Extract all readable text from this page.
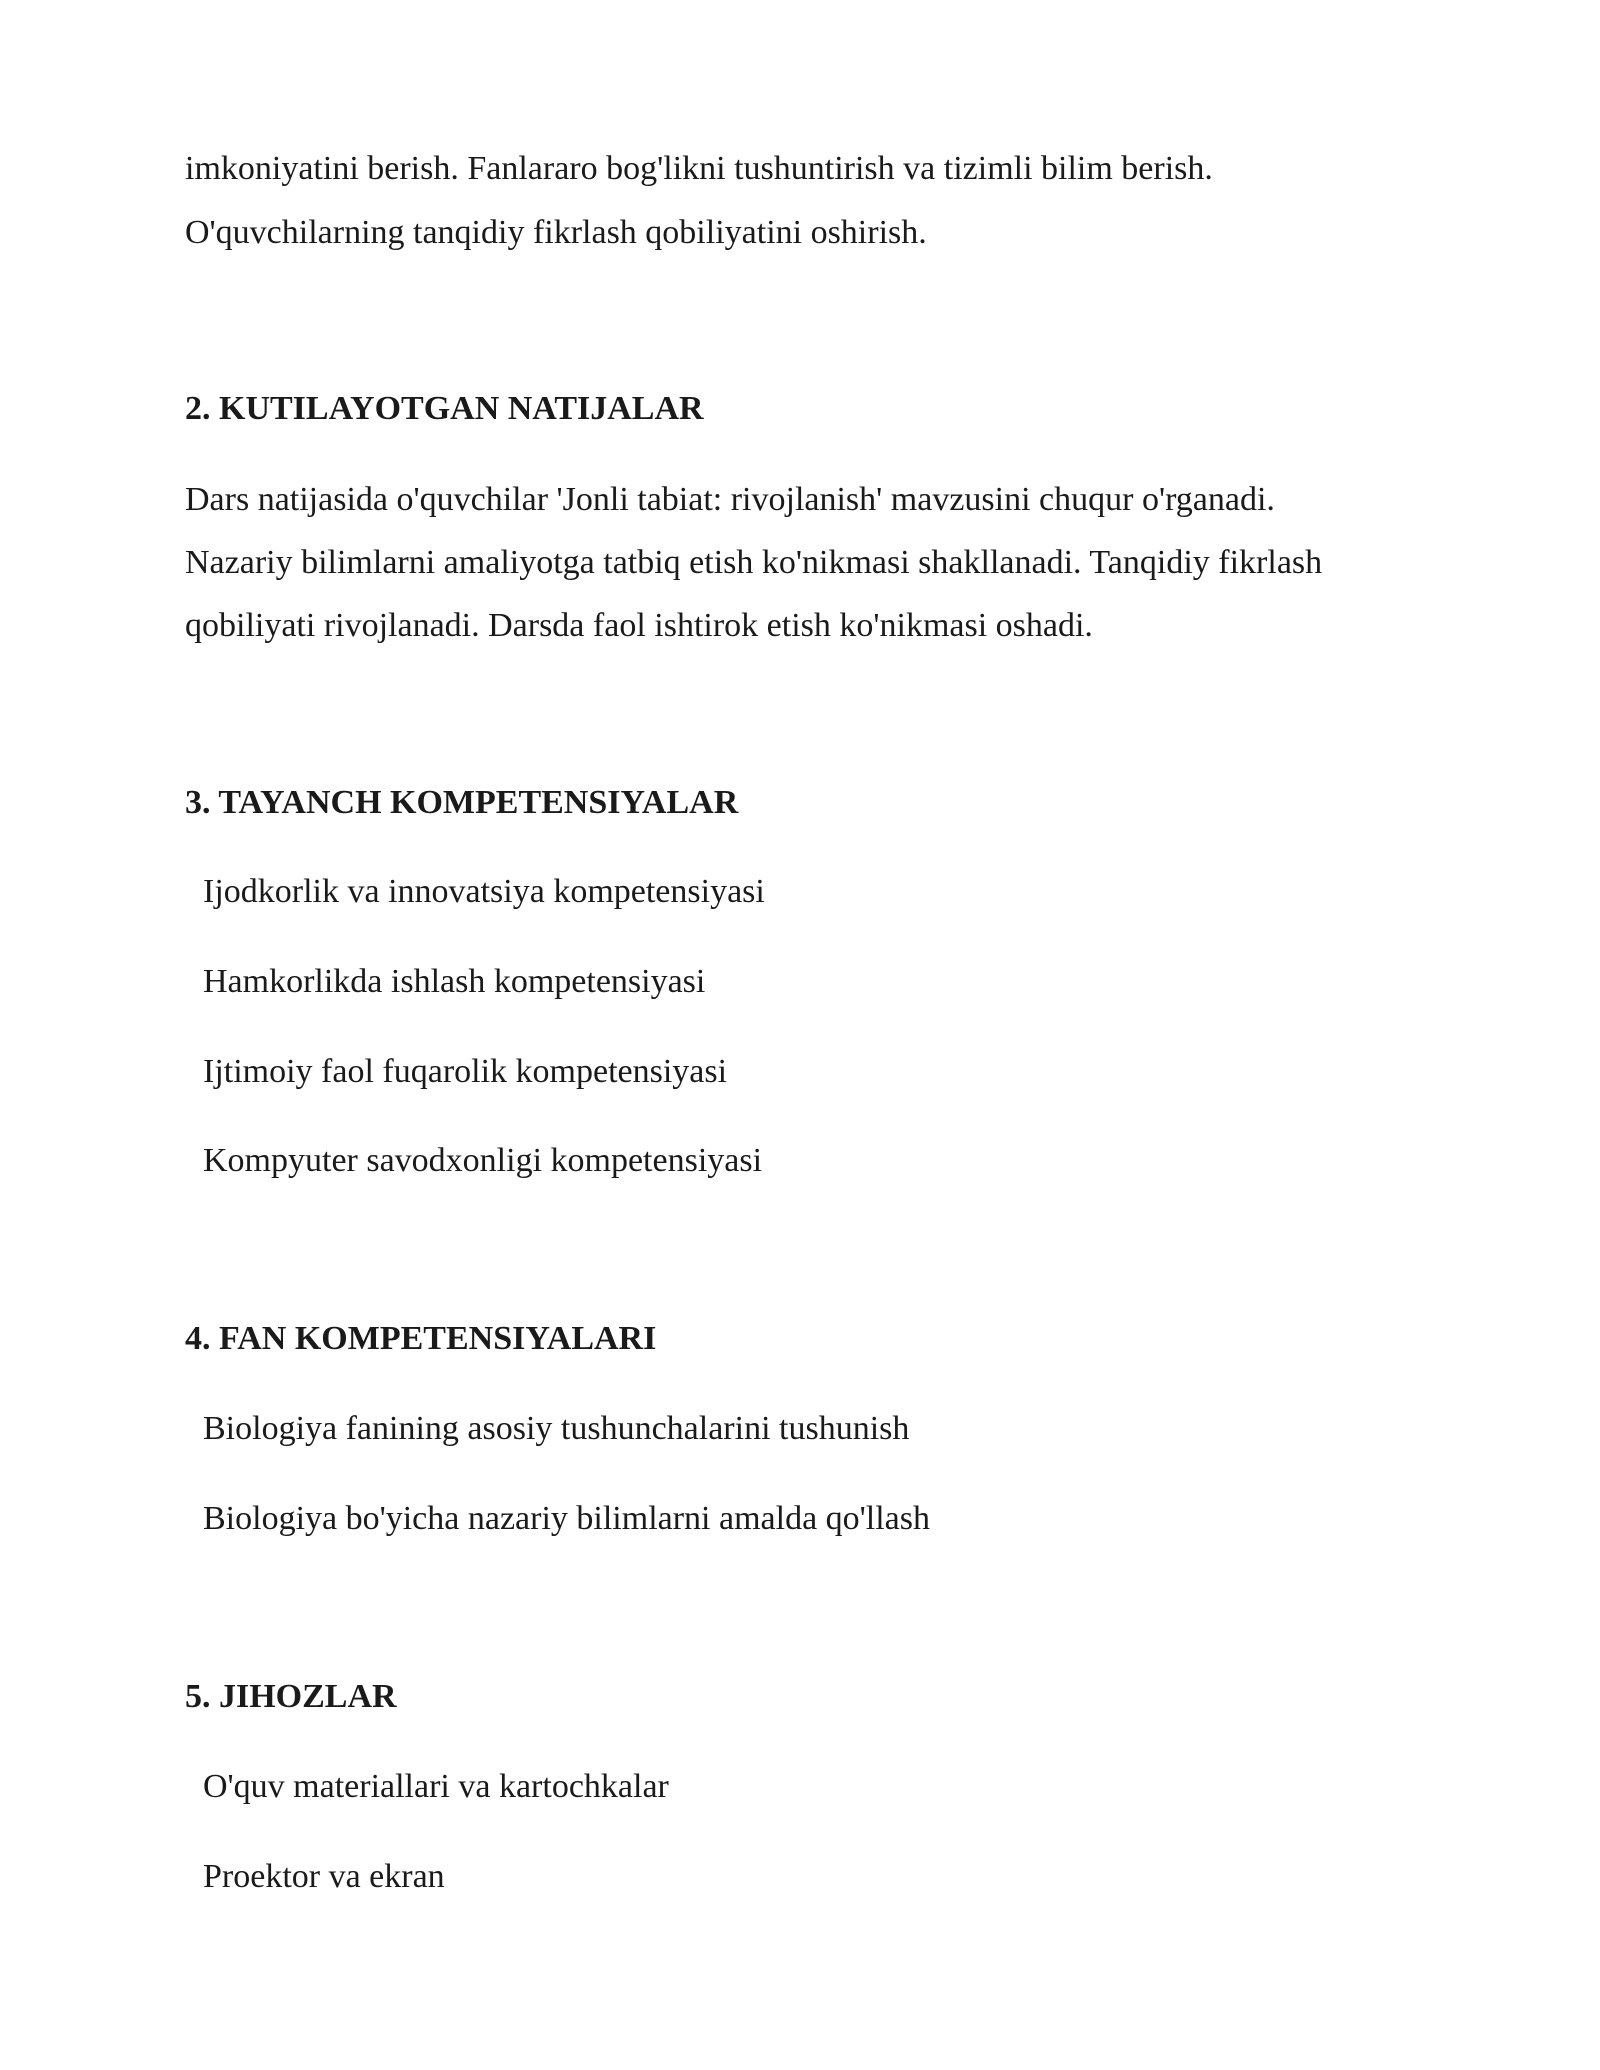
imkoniyatini berish. Fanlararo bog'likni tushuntirish va tizimli bilim berish.
O'quvchilarning tanqidiy fikrlash qobiliyatini oshirish.
2. KUTILAYOTGAN NATIJALAR
Dars natijasida o'quvchilar 'Jonli tabiat: rivojlanish' mavzusini chuqur o'rganadi.
Nazariy bilimlarni amaliyotga tatbiq etish ko'nikmasi shakllanadi. Tanqidiy fikrlash
qobiliyati rivojlanadi. Darsda faol ishtirok etish ko'nikmasi oshadi.
3. TAYANCH KOMPETENSIYALAR
Ijodkorlik va innovatsiya kompetensiyasi
Hamkorlikda ishlash kompetensiyasi
Ijtimoiy faol fuqarolik kompetensiyasi
Kompyuter savodxonligi kompetensiyasi
4. FAN KOMPETENSIYALARI
Biologiya fanining asosiy tushunchalarini tushunish
Biologiya bo'yicha nazariy bilimlarni amalda qo'llash
5. JIHOZLAR
O'quv materiallari va kartochkalar
Proektor va ekran
